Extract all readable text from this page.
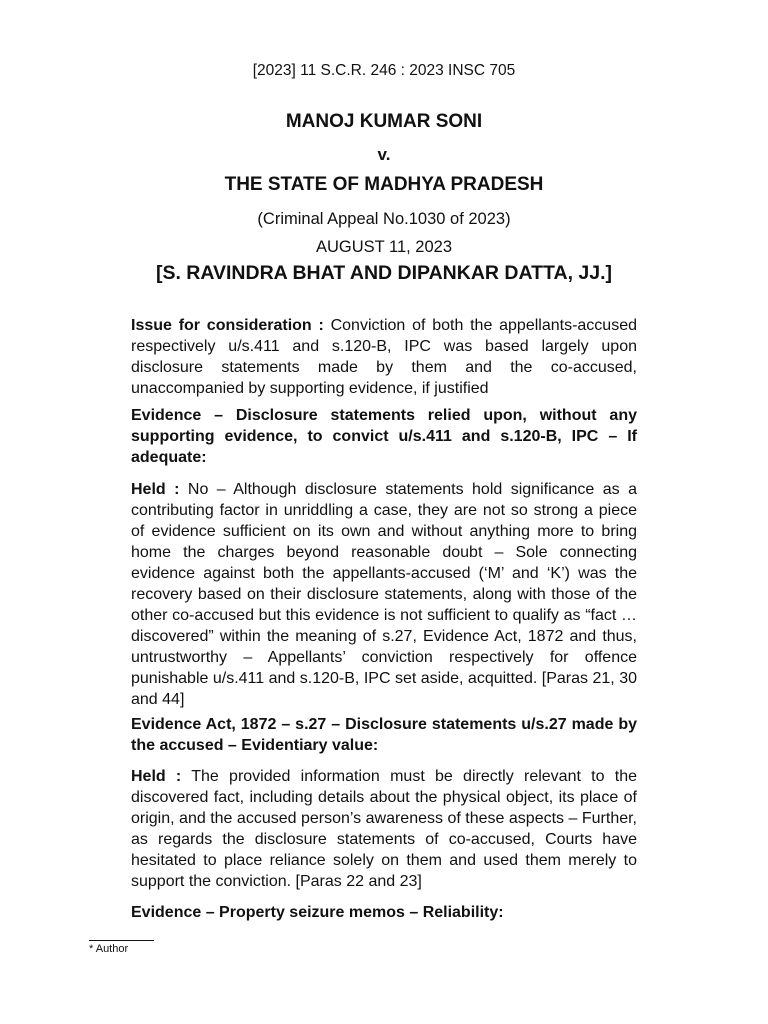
[2023] 11 S.C.R. 246 : 2023 INSC 705
MANOJ KUMAR SONI
v.
THE STATE OF MADHYA PRADESH
(Criminal Appeal No.1030 of 2023)
AUGUST 11, 2023
[S. RAVINDRA BHAT AND DIPANKAR DATTA, JJ.]
Issue for consideration : Conviction of both the appellants-accused respectively u/s.411 and s.120-B, IPC was based largely upon disclosure statements made by them and the co-accused, unaccompanied by supporting evidence, if justified
Evidence – Disclosure statements relied upon, without any supporting evidence, to convict u/s.411 and s.120-B, IPC – If adequate:
Held : No – Although disclosure statements hold significance as a contributing factor in unriddling a case, they are not so strong a piece of evidence sufficient on its own and without anything more to bring home the charges beyond reasonable doubt – Sole connecting evidence against both the appellants-accused (‘M’ and ‘K’) was the recovery based on their disclosure statements, along with those of the other co-accused but this evidence is not sufficient to qualify as “fact … discovered” within the meaning of s.27, Evidence Act, 1872 and thus, untrustworthy – Appellants’ conviction respectively for offence punishable u/s.411 and s.120-B, IPC set aside, acquitted. [Paras 21, 30 and 44]
Evidence Act, 1872 – s.27 – Disclosure statements u/s.27 made by the accused – Evidentiary value:
Held : The provided information must be directly relevant to the discovered fact, including details about the physical object, its place of origin, and the accused person’s awareness of these aspects – Further, as regards the disclosure statements of co-accused, Courts have hesitated to place reliance solely on them and used them merely to support the conviction. [Paras 22 and 23]
Evidence – Property seizure memos – Reliability:
* Author
